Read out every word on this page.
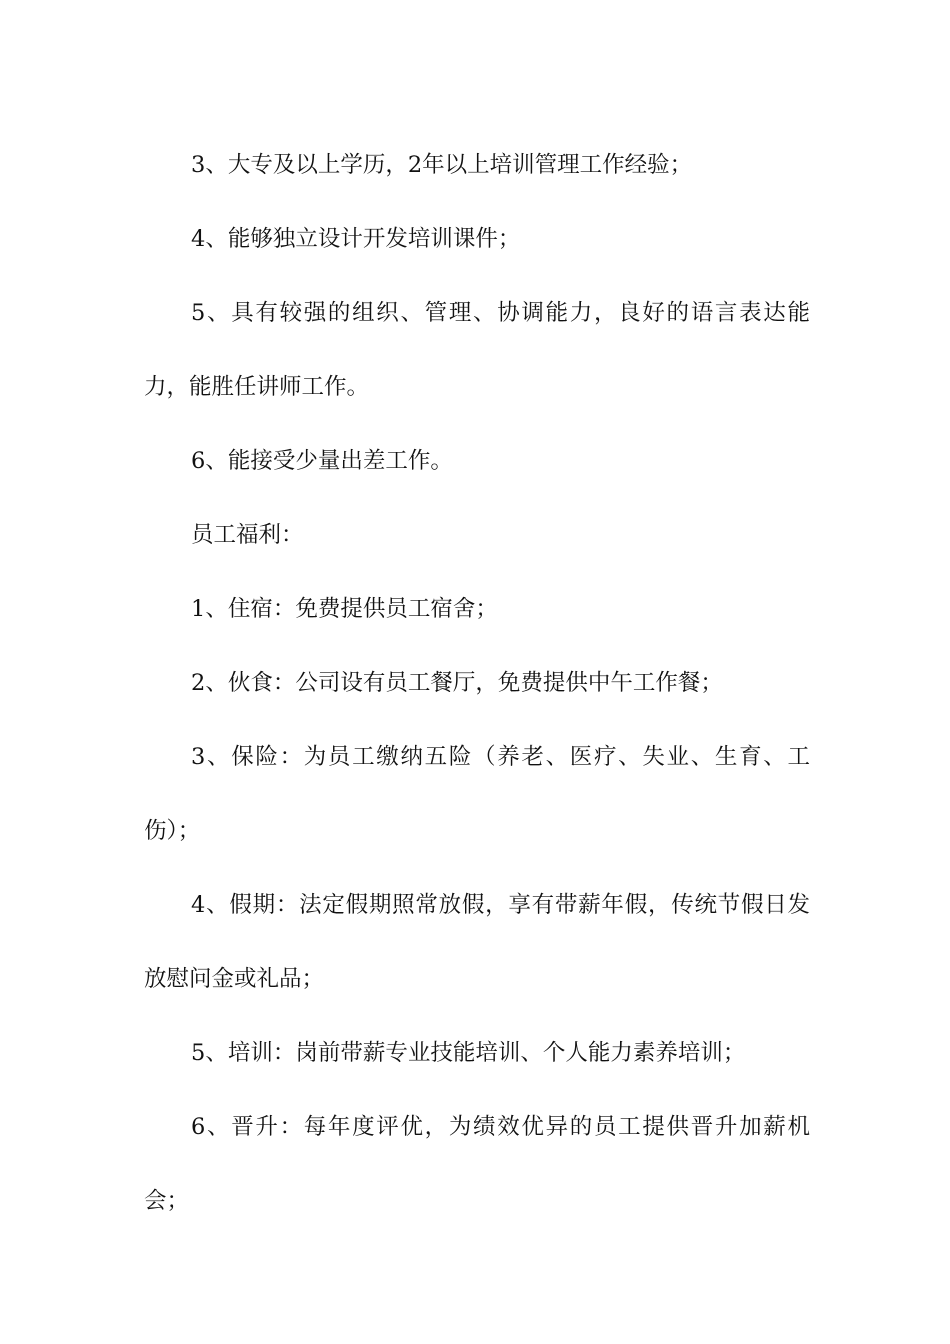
3、大专及以上学历，2年以上培训管理工作经验；

4、能够独立设计开发培训课件；

5、具有较强的组织、管理、协调能力，良好的语言表达能力，能胜任讲师工作。

6、能接受少量出差工作。

员工福利：

1、住宿：免费提供员工宿舍；

2、伙食：公司设有员工餐厅，免费提供中午工作餐；

3、保险：为员工缴纳五险（养老、医疗、失业、生育、工伤）；

4、假期：法定假期照常放假，享有带薪年假，传统节假日发放慰问金或礼品；

5、培训：岗前带薪专业技能培训、个人能力素养培训；

6、晋升：每年度评优，为绩效优异的员工提供晋升加薪机会；
